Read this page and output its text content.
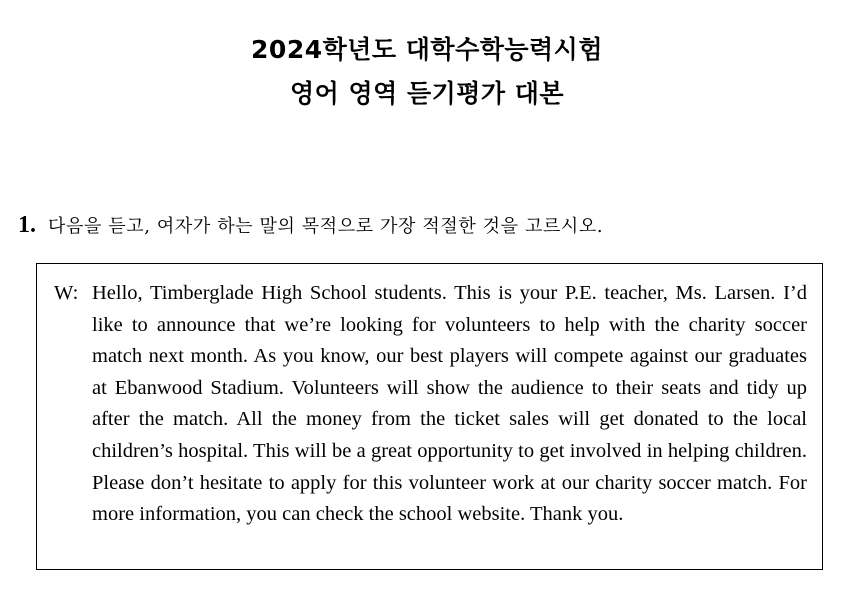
2024학년도 대학수학능력시험
영어 영역 듣기평가 대본
1. 다음을 듣고, 여자가 하는 말의 목적으로 가장 적절한 것을 고르시오.
W: Hello, Timberglade High School students. This is your P.E. teacher, Ms. Larsen. I’d like to announce that we’re looking for volunteers to help with the charity soccer match next month. As you know, our best players will compete against our graduates at Ebanwood Stadium. Volunteers will show the audience to their seats and tidy up after the match. All the money from the ticket sales will get donated to the local children’s hospital. This will be a great opportunity to get involved in helping children. Please don’t hesitate to apply for this volunteer work at our charity soccer match. For more information, you can check the school website. Thank you.
